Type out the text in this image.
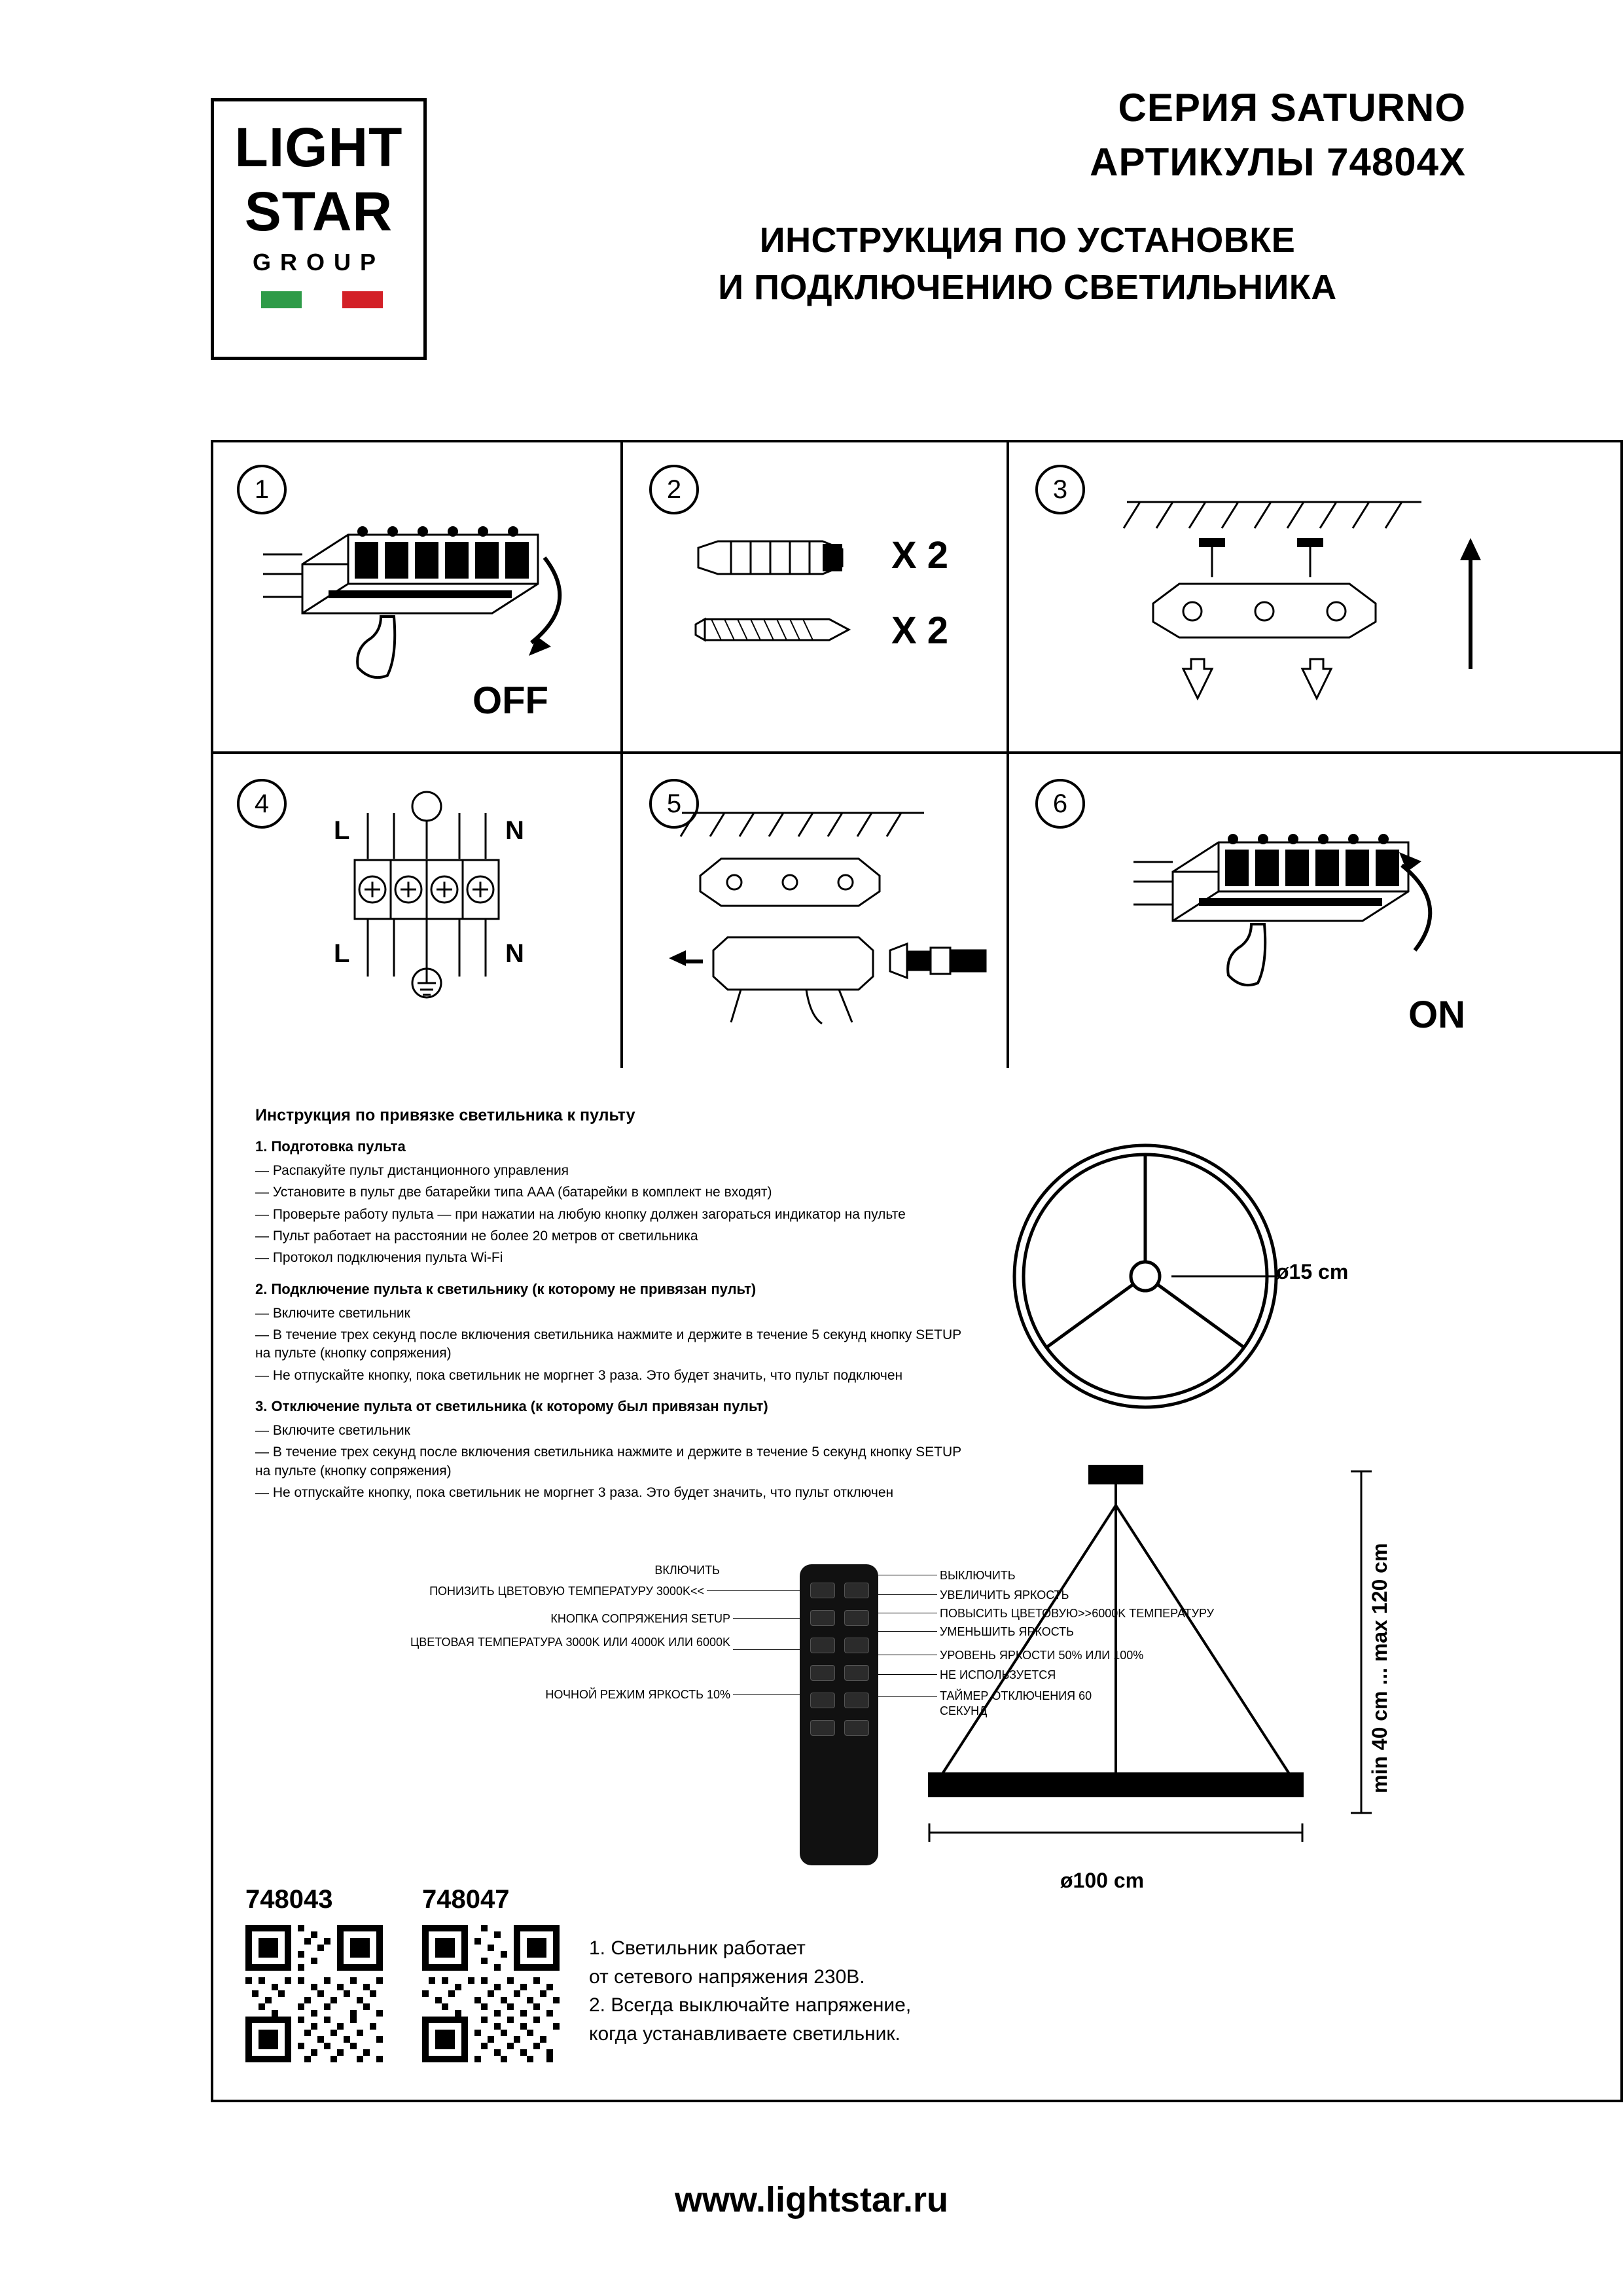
LIGHT
STAR
GROUP
СЕРИЯ SATURNO
АРТИКУЛЫ 74804X
ИНСТРУКЦИЯ ПО УСТАНОВКЕ
И ПОДКЛЮЧЕНИЮ СВЕТИЛЬНИКА
1
OFF
2
X 2
X 2
3
4
L	N
L	N
5	6
ON
Инструкция по привязке светильника к пульту
1. Подготовка пульта

— Распакуйте пульт дистанционного управления

— Установите в пульт две батарейки типа AAA (батарейки в комплект не входят)

— Проверьте работу пульта — при нажатии на любую кнопку должен загораться индикатор на пульте

— Пульт работает на расстоянии не более 20 метров от светильника

— Протокол подключения пульта Wi-Fi

2. Подключение пульта к светильнику (к которому не привязан пульт)

— Включите светильник

— В течение трех секунд после включения светильника нажмите и держите в течение 5 секунд кнопку SETUP на пульте (кнопку сопряжения)

— Не отпускайте кнопку, пока светильник не моргнет 3 раза. Это будет значить, что пульт подключен

3. Отключение пульта от светильника (к которому был привязан пульт)

— Включите светильник

— В течение трех секунд после включения светильника нажмите и держите в течение 5 секунд кнопку SETUP на пульте (кнопку сопряжения)

— Не отпускайте кнопку, пока светильник не моргнет 3 раза. Это будет значить, что пульт отключен

ø15 cm
min 40 cm ... max 120 cm
ø100 cm
ВКЛЮЧИТЬ
ПОНИЗИТЬ ЦВЕТОВУЮ ТЕМПЕРАТУРУ 3000K<<
КНОПКА СОПРЯЖЕНИЯ SETUP
ЦВЕТОВАЯ ТЕМПЕРАТУРА 3000K ИЛИ 4000K ИЛИ 6000K
НОЧНОЙ РЕЖИМ ЯРКОСТЬ 10%
ВЫКЛЮЧИТЬ
УВЕЛИЧИТЬ ЯРКОСТЬ
ПОВЫСИТЬ ЦВЕТОВУЮ>>6000K ТЕМПЕРАТУРУ
УМЕНЬШИТЬ ЯРКОСТЬ
УРОВЕНЬ ЯРКОСТИ 50% ИЛИ 100%
НЕ ИСПОЛЬЗУЕТСЯ
ТАЙМЕР ОТКЛЮЧЕНИЯ 60 СЕКУНД
748043	748047
1. Светильник работает
от сетевого напряжения 230В.
2. Всегда выключайте напряжение,
когда устанавливаете светильник.
www.lightstar.ru
